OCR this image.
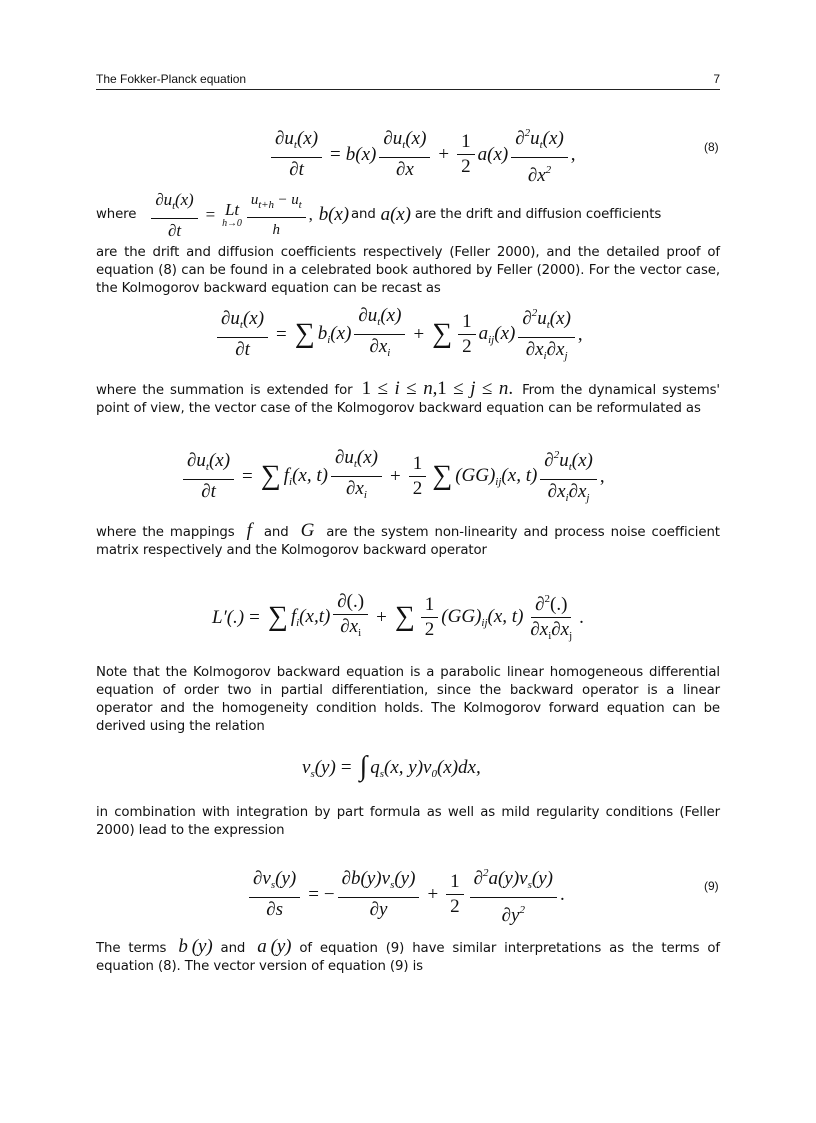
The Fokker-Planck equation	7
$\frac{\partial u_t(x)}{\partial t} = b(x) \frac{\partial u_t(x)}{\partial x} + \frac{1}{2} a(x) \frac{\partial^2u_t(x)}{\partial x^2}$ ,	(8)
where $\frac{\partial u_t(x)}{\partial t} = Lt$
$h\to 0 \frac{u_{t+h} - u_t}{h}$ , b(x) and a(x) are the drift and diffusion coefficients
are the drift and diffusion coefficients respectively (Feller 2000), and the detailed proof of equation (8) can be found in a celebrated book authored by Feller (2000). For the vector case, the Kolmogorov backward equation can be recast as
$\frac{\partial u_t(x)}{\partial t}$ = ∑ $b_i(x) \frac{\partial u_t(x)}{\partial x_i}$ + ∑ $\frac{1}{2} a_{ij}(x) \frac{\partial^2u_t(x)}{\partial x_i\partial x_j}$ ,
where the summation is extended for 1 ≤ i ≤ n,1 ≤ j ≤ n. From the dynamical systems' point of view, the vector case of the Kolmogorov backward equation can be reformulated as
$\frac{\partial u_t(x)}{\partial t}$ = ∑ $f_i(x$, $t) \frac{\partial u_t(x)}{\partial x_i} + \frac{1}{2}$ ∑ $(GG)_{ij}(x$, $t) \frac{\partial^2u_t(x)}{\partial x_i\partial x_j}$ ,
where the mappings f and G are the system non-linearity and process noise coefficient matrix respectively and the Kolmogorov backward operator
L′(.) = ∑ $f_i(x,t) \frac{\partial(.)}{\partial x_i}$ + ∑ $\frac{1}{2} (GG)_{ij}(x$, $t) \frac{\partial^2(.)}{\partial x_i\partial x_j}$ .
Note that the Kolmogorov backward equation is a parabolic linear homogeneous differential equation of order two in partial differentiation, since the backward operator is a linear operator and the homogeneity condition holds. The Kolmogorov forward equation can be derived using the relation
$v_s(y)$ = ∫ $q_s(x$, $y)v_0(x)dx$,
in combination with integration by part formula as well as mild regularity conditions (Feller 2000) lead to the expression
$\frac{\partial v_s(y)}{\partial s}$ = − $\frac{\partial b(y)v_s(y)}{\partial y} + \frac{1}{2} \frac{\partial^2a(y)v_s(y)}{\partial y^2}$ .	(9)
The terms b (y) and a (y) of equation (9) have similar interpretations as the terms of equation (8). The vector version of equation (9) is
